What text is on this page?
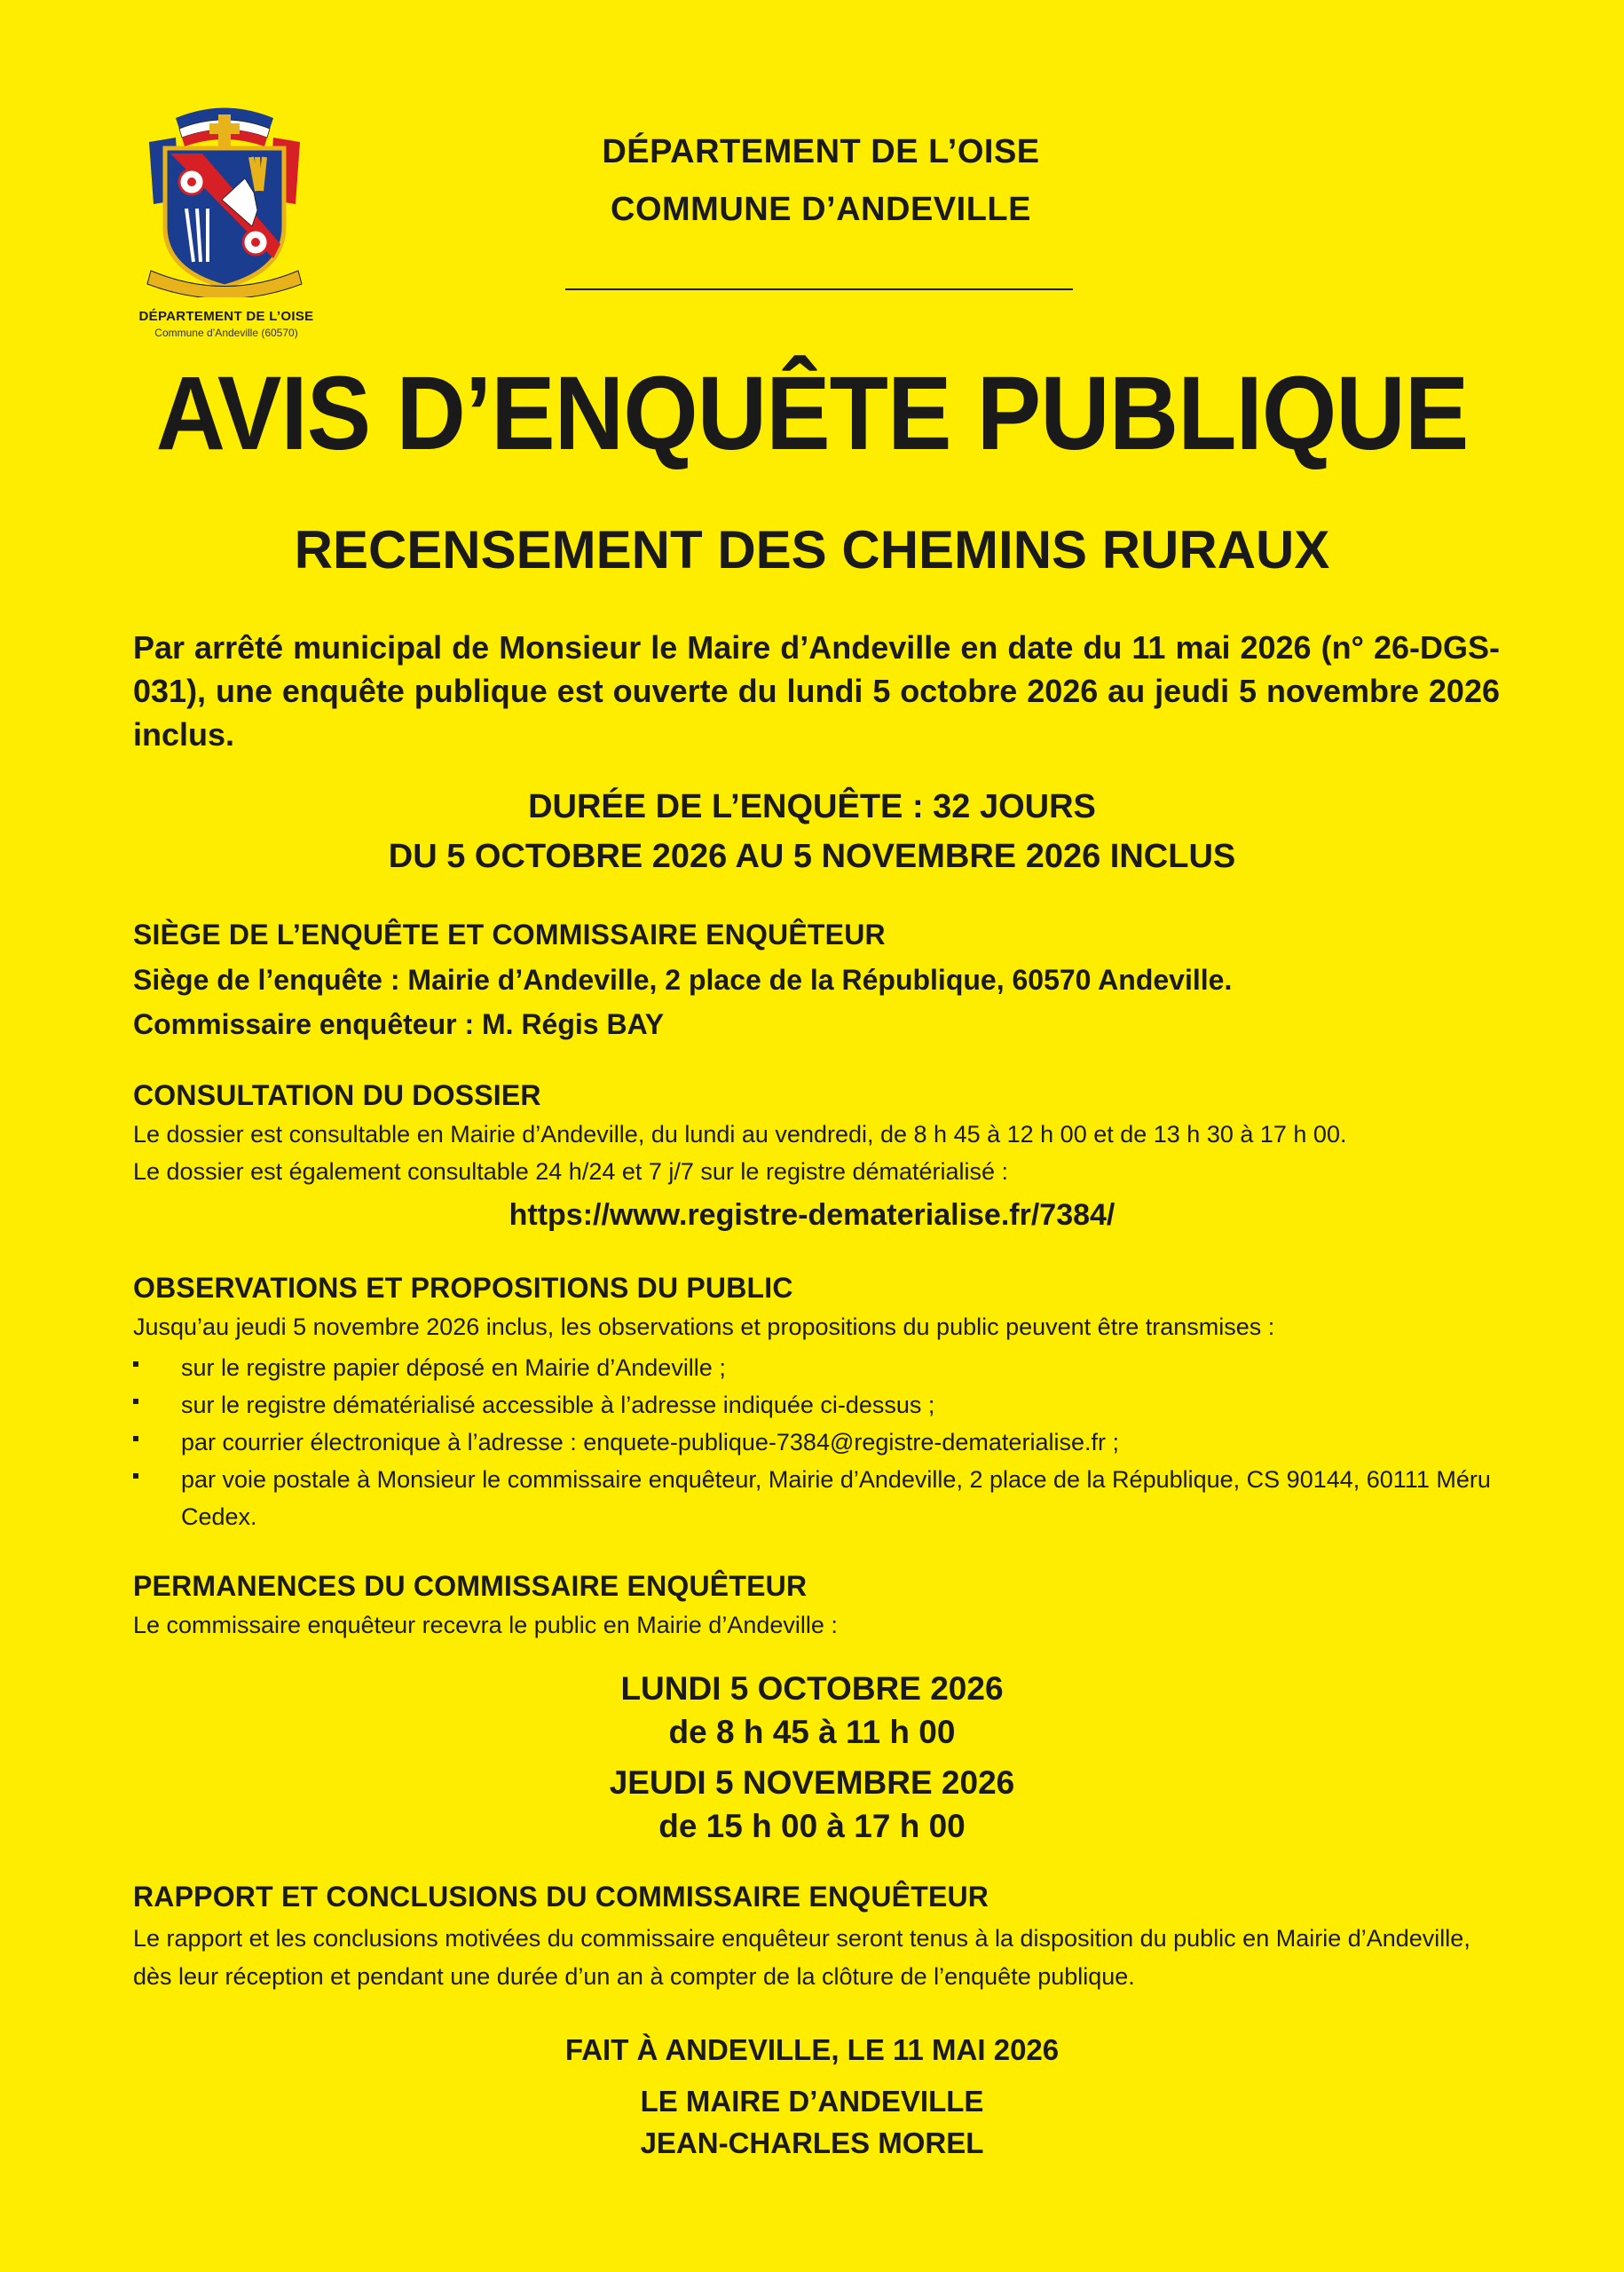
DÉPARTEMENT DE L’OISE
Commune d’Andeville (60570)
DÉPARTEMENT DE L’OISE
COMMUNE D’ANDEVILLE
AVIS D’ENQUÊTE PUBLIQUE
RECENSEMENT DES CHEMINS RURAUX
Par arrêté municipal de Monsieur le Maire d’Andeville en date du 11 mai 2026 (n° 26-DGS-031), une enquête publique est ouverte du lundi 5 octobre 2026 au jeudi 5 novembre 2026 inclus.
DURÉE DE L’ENQUÊTE : 32 JOURS
DU 5 OCTOBRE 2026 AU 5 NOVEMBRE 2026 INCLUS
SIÈGE DE L’ENQUÊTE ET COMMISSAIRE ENQUÊTEUR
Siège de l’enquête : Mairie d’Andeville, 2 place de la République, 60570 Andeville.
Commissaire enquêteur : M. Régis BAY
CONSULTATION DU DOSSIER
Le dossier est consultable en Mairie d’Andeville, du lundi au vendredi, de 8 h 45 à 12 h 00 et de 13 h 30 à 17 h 00.
Le dossier est également consultable 24 h/24 et 7 j/7 sur le registre dématérialisé :
https://www.registre-dematerialise.fr/7384/
OBSERVATIONS ET PROPOSITIONS DU PUBLIC
Jusqu’au jeudi 5 novembre 2026 inclus, les observations et propositions du public peuvent être transmises :
sur le registre papier déposé en Mairie d’Andeville ;
sur le registre dématérialisé accessible à l’adresse indiquée ci-dessus ;
par courrier électronique à l’adresse : enquete-publique-7384@registre-dematerialise.fr ;
par voie postale à Monsieur le commissaire enquêteur, Mairie d’Andeville, 2 place de la République, CS 90144, 60111 Méru Cedex.
PERMANENCES DU COMMISSAIRE ENQUÊTEUR
Le commissaire enquêteur recevra le public en Mairie d’Andeville :
LUNDI 5 OCTOBRE 2026
de 8 h 45 à 11 h 00
JEUDI 5 NOVEMBRE 2026
de 15 h 00 à 17 h 00
RAPPORT ET CONCLUSIONS DU COMMISSAIRE ENQUÊTEUR
Le rapport et les conclusions motivées du commissaire enquêteur seront tenus à la disposition du public en Mairie d’Andeville, dès leur réception et pendant une durée d’un an à compter de la clôture de l’enquête publique.
FAIT À ANDEVILLE, LE 11 MAI 2026
LE MAIRE D’ANDEVILLE
JEAN-CHARLES MOREL
